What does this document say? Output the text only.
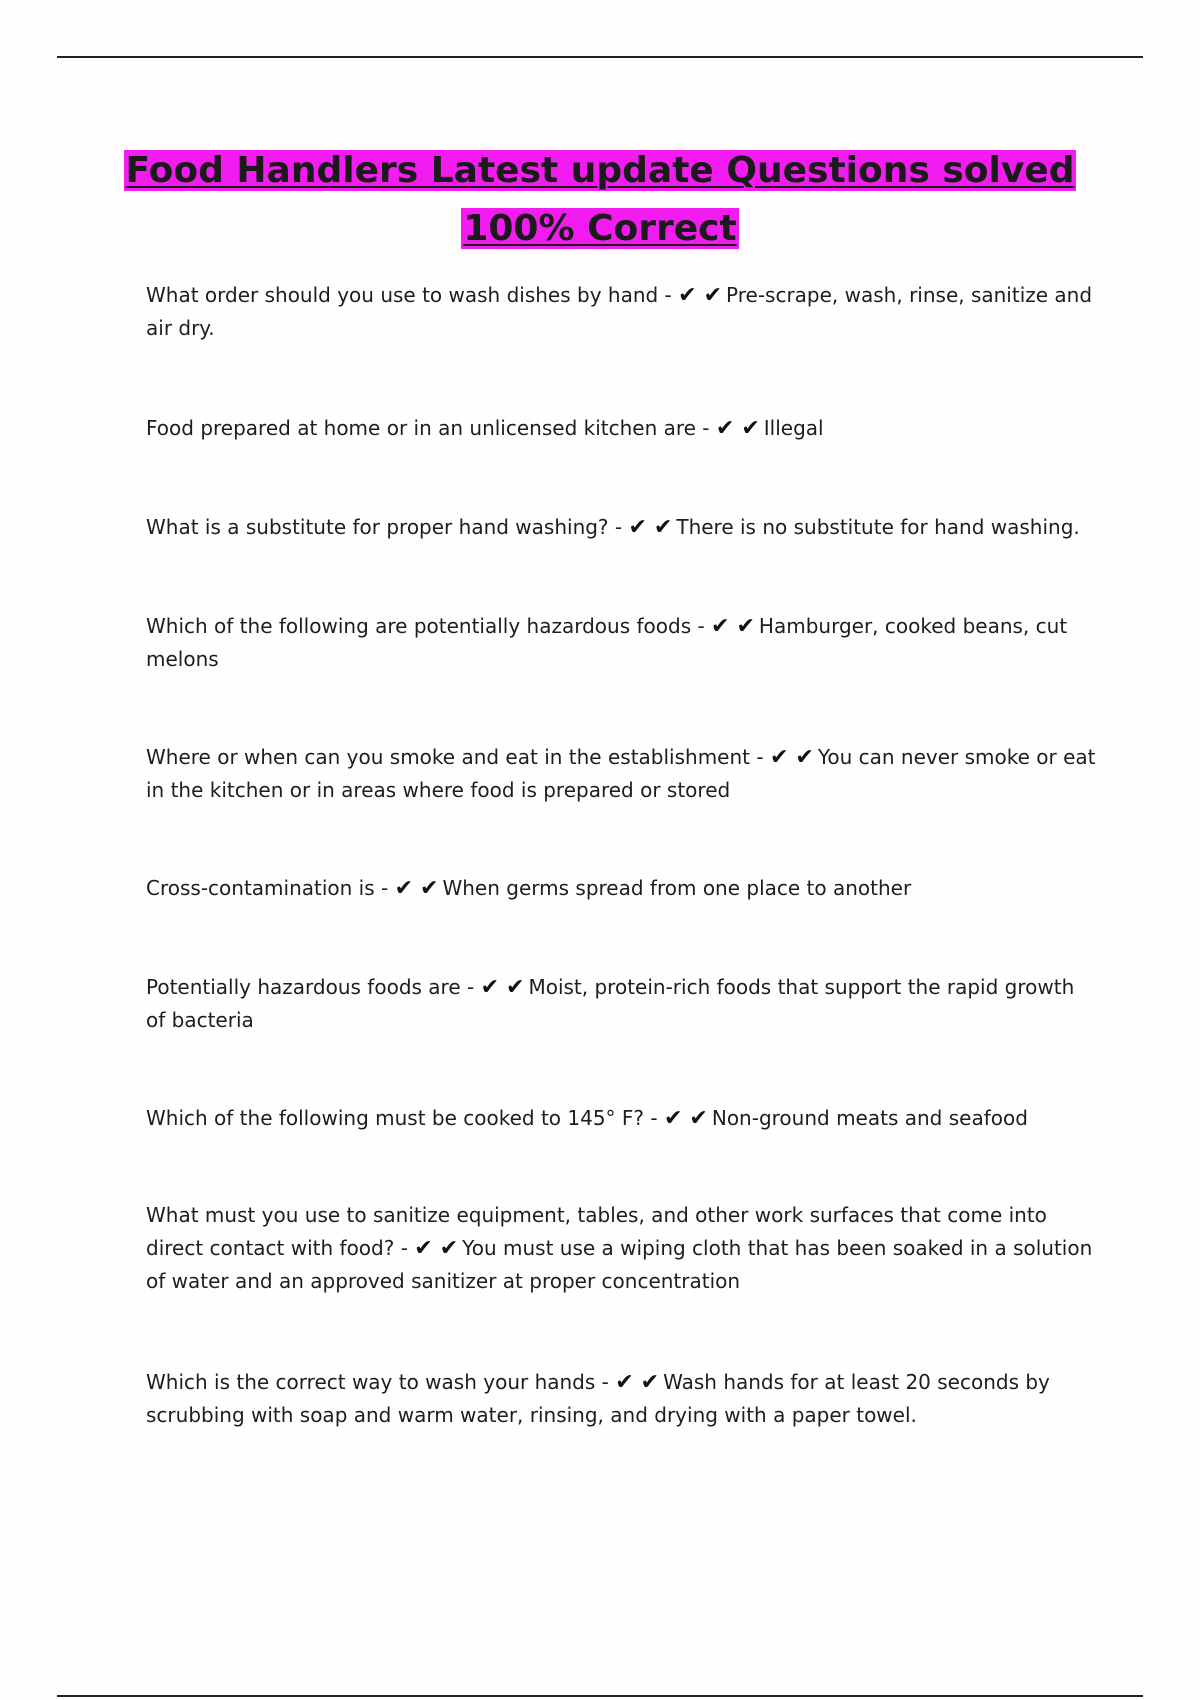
Food Handlers Latest update Questions solved 100% Correct

What order should you use to wash dishes by hand - ✔ ✔ Pre-scrape, wash, rinse, sanitize and air dry.

Food prepared at home or in an unlicensed kitchen are - ✔ ✔ Illegal

What is a substitute for proper hand washing? - ✔ ✔ There is no substitute for hand washing.

Which of the following are potentially hazardous foods - ✔ ✔ Hamburger, cooked beans, cut melons

Where or when can you smoke and eat in the establishment - ✔ ✔ You can never smoke or eat in the kitchen or in areas where food is prepared or stored

Cross-contamination is - ✔ ✔ When germs spread from one place to another

Potentially hazardous foods are - ✔ ✔ Moist, protein-rich foods that support the rapid growth of bacteria

Which of the following must be cooked to 145° F? - ✔ ✔ Non-ground meats and seafood

What must you use to sanitize equipment, tables, and other work surfaces that come into direct contact with food? - ✔ ✔ You must use a wiping cloth that has been soaked in a solution of water and an approved sanitizer at proper concentration

Which is the correct way to wash your hands - ✔ ✔ Wash hands for at least 20 seconds by scrubbing with soap and warm water, rinsing, and drying with a paper towel.
